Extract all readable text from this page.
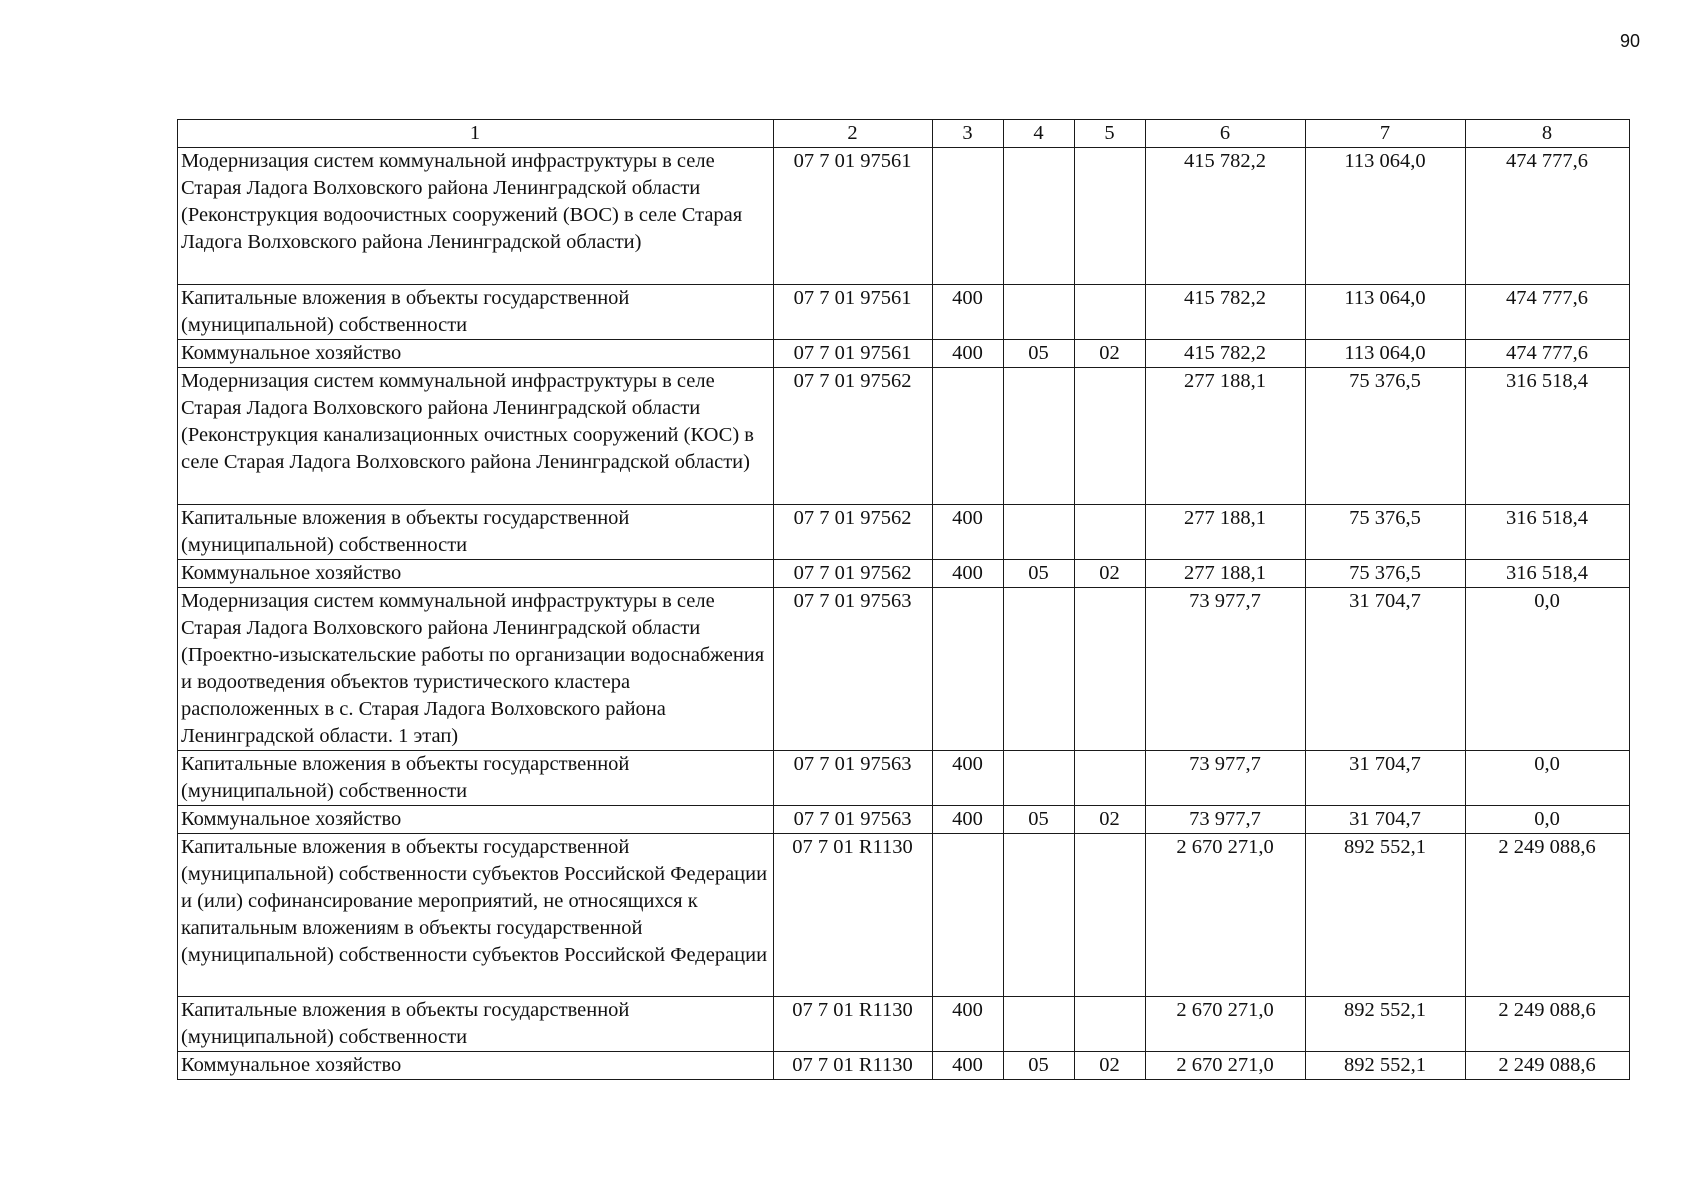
90
1	2	3	4	5	6	7	8
Модернизация систем коммунальной инфраструктуры в селе Старая Ладога Волховского района Ленинградской области (Реконструкция водоочистных сооружений (ВОС) в селе Старая Ладога Волховского района Ленинградской области)	07 7 01 97561				415 782,2	113 064,0	474 777,6
Капитальные вложения в объекты государственной (муниципальной) собственности	07 7 01 97561	400			415 782,2	113 064,0	474 777,6
Коммунальное хозяйство	07 7 01 97561	400	05	02	415 782,2	113 064,0	474 777,6
Модернизация систем коммунальной инфраструктуры в селе Старая Ладога Волховского района Ленинградской области (Реконструкция канализационных очистных сооружений (КОС) в селе Старая Ладога Волховского района Ленинградской области)	07 7 01 97562				277 188,1	75 376,5	316 518,4
Капитальные вложения в объекты государственной (муниципальной) собственности	07 7 01 97562	400			277 188,1	75 376,5	316 518,4
Коммунальное хозяйство	07 7 01 97562	400	05	02	277 188,1	75 376,5	316 518,4
Модернизация систем коммунальной инфраструктуры в селе Старая Ладога Волховского района Ленинградской области (Проектно-изыскательские работы по организации водоснабжения и водоотведения объектов туристического кластера расположенных в с. Старая Ладога Волховского района Ленинградской области. 1 этап)	07 7 01 97563				73 977,7	31 704,7	0,0
Капитальные вложения в объекты государственной (муниципальной) собственности	07 7 01 97563	400			73 977,7	31 704,7	0,0
Коммунальное хозяйство	07 7 01 97563	400	05	02	73 977,7	31 704,7	0,0
Капитальные вложения в объекты государственной (муниципальной) собственности субъектов Российской Федерации и (или) софинансирование мероприятий, не относящихся к капитальным вложениям в объекты государственной (муниципальной) собственности субъектов Российской Федерации	07 7 01 R1130				2 670 271,0	892 552,1	2 249 088,6
Капитальные вложения в объекты государственной (муниципальной) собственности	07 7 01 R1130	400			2 670 271,0	892 552,1	2 249 088,6
Коммунальное хозяйство	07 7 01 R1130	400	05	02	2 670 271,0	892 552,1	2 249 088,6
